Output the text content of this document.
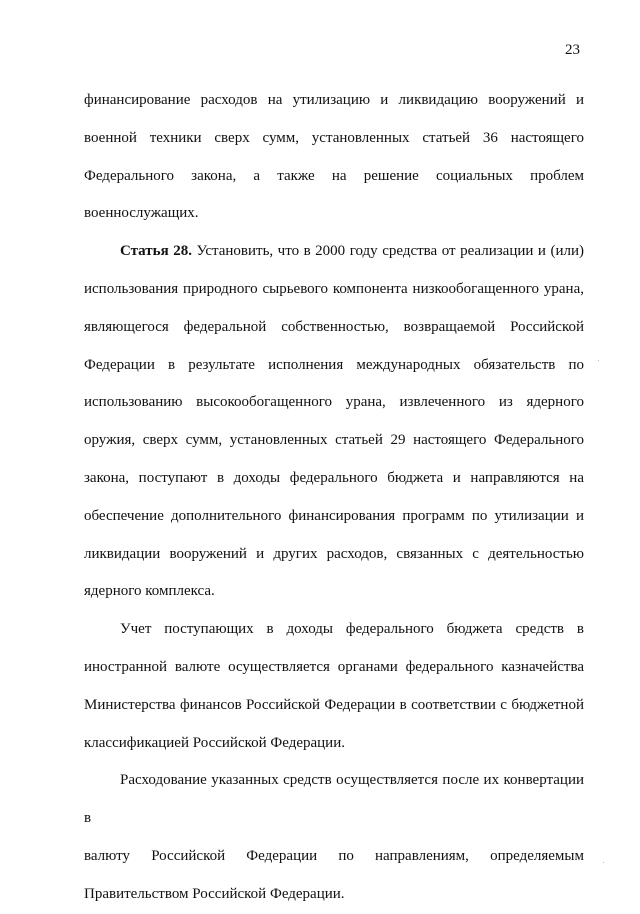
23

финансирование расходов на утилизацию и ликвидацию вооружений и

военной техники сверх сумм, установленных статьей 36 настоящего

Федерального закона, а также на решение социальных проблем

военнослужащих.

Статья 28. Установить, что в 2000 году средства от реализации и (или)

использования природного сырьевого компонента низкообогащенного урана,

являющегося федеральной собственностью, возвращаемой Российской

Федерации в результате исполнения международных обязательств по

использованию высокообогащенного урана, извлеченного из ядерного

оружия, сверх сумм, установленных статьей 29 настоящего Федерального

закона, поступают в доходы федерального бюджета и направляются на

обеспечение дополнительного финансирования программ по утилизации и

ликвидации вооружений и других расходов, связанных с деятельностью

ядерного комплекса.

Учет поступающих в доходы федерального бюджета средств в

иностранной валюте осуществляется органами федерального казначейства

Министерства финансов Российской Федерации в соответствии с бюджетной

классификацией Российской Федерации.

Расходование указанных средств осуществляется после их конвертации в

валюту Российской Федерации по направлениям, определяемым

Правительством Российской Федерации.
